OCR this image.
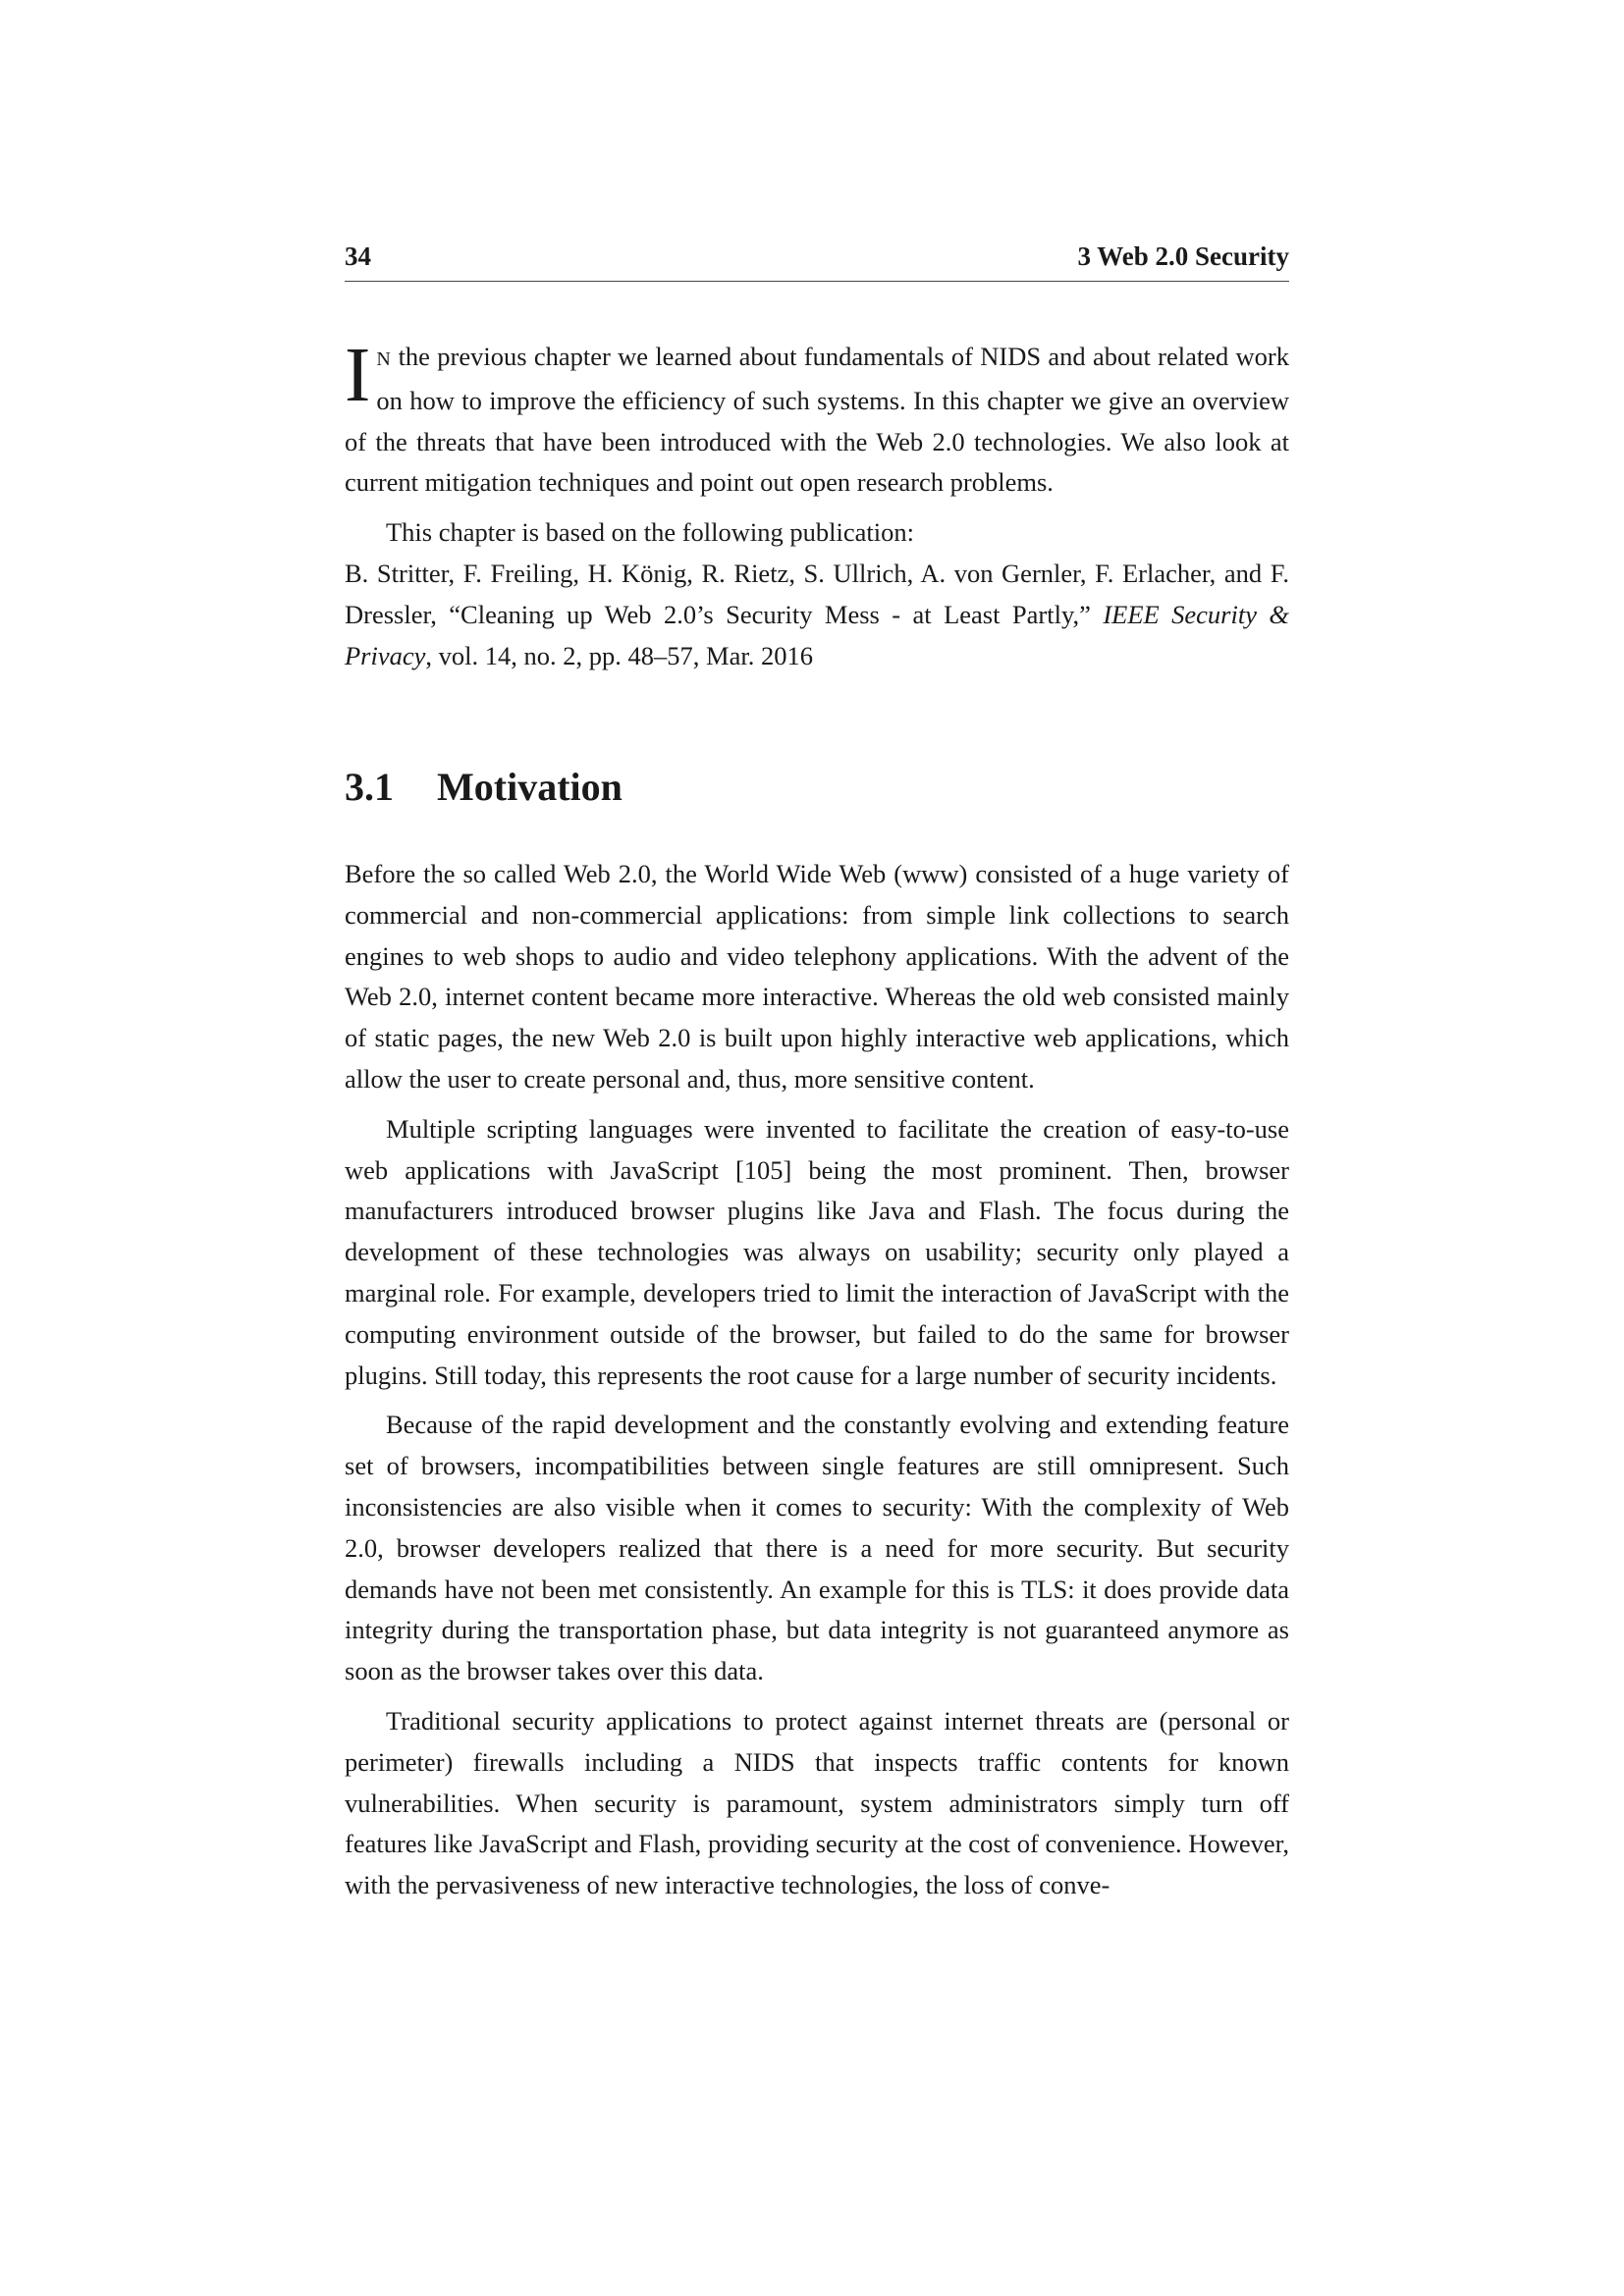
34	3 Web 2.0 Security

I N the previous chapter we learned about fundamentals of NIDS and about related work on how to improve the efficiency of such systems. In this chapter we give an overview of the threats that have been introduced with the Web 2.0 technologies. We also look at current mitigation techniques and point out open research problems.

This chapter is based on the following publication:

B. Stritter, F. Freiling, H. König, R. Rietz, S. Ullrich, A. von Gernler, F. Erlacher, and F. Dressler, “Cleaning up Web 2.0’s Security Mess - at Least Partly,” IEEE Security & Privacy, vol. 14, no. 2, pp. 48–57, Mar. 2016

3.1 Motivation

Before the so called Web 2.0, the World Wide Web (www) consisted of a huge variety of commercial and non-commercial applications: from simple link collections to search engines to web shops to audio and video telephony applications. With the advent of the Web 2.0, internet content became more interactive. Whereas the old web consisted mainly of static pages, the new Web 2.0 is built upon highly interactive web applications, which allow the user to create personal and, thus, more sensitive content.

Multiple scripting languages were invented to facilitate the creation of easy-to-use web applications with JavaScript [105] being the most prominent. Then, browser manufacturers introduced browser plugins like Java and Flash. The focus during the development of these technologies was always on usability; security only played a marginal role. For example, developers tried to limit the interaction of JavaScript with the computing environment outside of the browser, but failed to do the same for browser plugins. Still today, this represents the root cause for a large number of security incidents.

Because of the rapid development and the constantly evolving and extending feature set of browsers, incompatibilities between single features are still omnipresent. Such inconsistencies are also visible when it comes to security: With the complexity of Web 2.0, browser developers realized that there is a need for more security. But security demands have not been met consistently. An example for this is TLS: it does provide data integrity during the transportation phase, but data integrity is not guaranteed anymore as soon as the browser takes over this data.

Traditional security applications to protect against internet threats are (personal or perimeter) firewalls including a NIDS that inspects traffic contents for known vulnerabilities. When security is paramount, system administrators simply turn off features like JavaScript and Flash, providing security at the cost of convenience. However, with the pervasiveness of new interactive technologies, the loss of conve-
